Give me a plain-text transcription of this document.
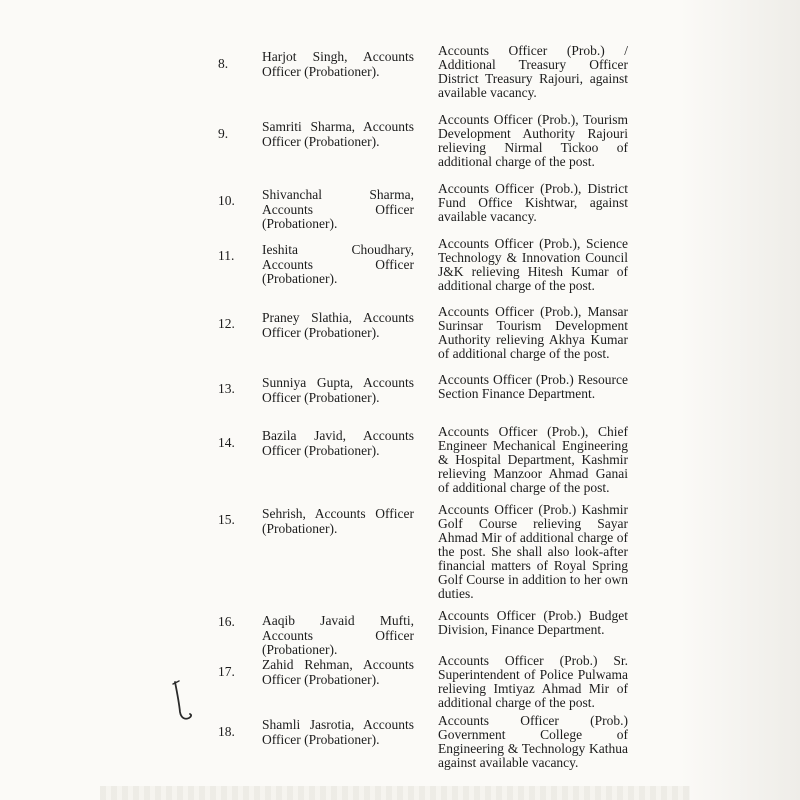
8.	Harjot Singh, Accounts Officer (Probationer).
Accounts Officer (Prob.) / Additional Treasury Officer District Treasury Rajouri, against available vacancy.
9.	Samriti Sharma, Accounts Officer (Probationer).
Accounts Officer (Prob.), Tourism Development Authority Rajouri relieving Nirmal Tickoo of additional charge of the post.
10.	Shivanchal Sharma, Accounts Officer (Probationer).
Accounts Officer (Prob.), District Fund Office Kishtwar, against available vacancy.
11.	Ieshita Choudhary, Accounts Officer (Probationer).
Accounts Officer (Prob.), Science Technology & Innovation Council J&K relieving Hitesh Kumar of additional charge of the post.
12.	Praney Slathia, Accounts Officer (Probationer).
Accounts Officer (Prob.), Mansar Surinsar Tourism Development Authority relieving Akhya Kumar of additional charge of the post.
13.	Sunniya Gupta, Accounts Officer (Probationer).
Accounts Officer (Prob.) Resource Section Finance Department.
14.	Bazila Javid, Accounts Officer (Probationer).
Accounts Officer (Prob.), Chief Engineer Mechanical Engineering & Hospital Department, Kashmir relieving Manzoor Ahmad Ganai of additional charge of the post.
15.	Sehrish, Accounts Officer (Probationer).
Accounts Officer (Prob.) Kashmir Golf Course relieving Sayar Ahmad Mir of additional charge of the post. She shall also look-after financial matters of Royal Spring Golf Course in addition to her own duties.
16.	Aaqib Javaid Mufti, Accounts Officer (Probationer).
Accounts Officer (Prob.) Budget Division, Finance Department.
17.	Zahid Rehman, Accounts Officer (Probationer).
Accounts Officer (Prob.) Sr. Superintendent of Police Pulwama relieving Imtiyaz Ahmad Mir of additional charge of the post.
18.	Shamli Jasrotia, Accounts Officer (Probationer).
Accounts Officer (Prob.) Government College of Engineering & Technology Kathua against available vacancy.
